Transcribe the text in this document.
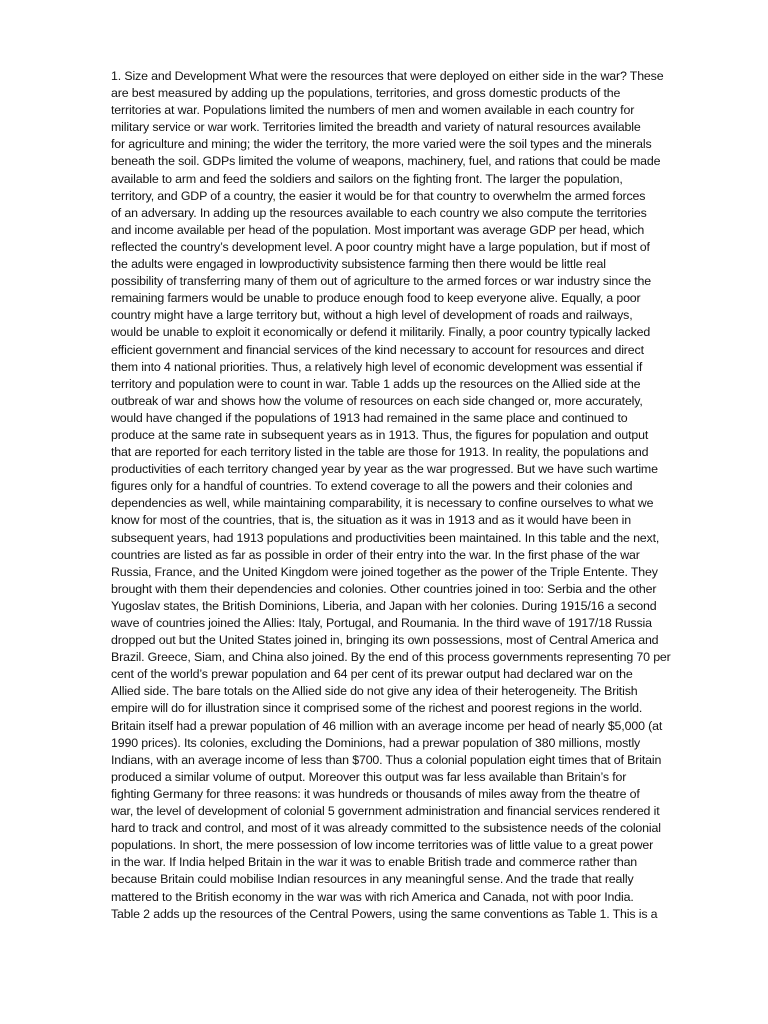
1. Size and Development What were the resources that were deployed on either side in the war? These
are best measured by adding up the populations, territories, and gross domestic products of the
territories at war. Populations limited the numbers of men and women available in each country for
military service or war work. Territories limited the breadth and variety of natural resources available
for agriculture and mining; the wider the territory, the more varied were the soil types and the minerals
beneath the soil. GDPs limited the volume of weapons, machinery, fuel, and rations that could be made
available to arm and feed the soldiers and sailors on the fighting front. The larger the population,
territory, and GDP of a country, the easier it would be for that country to overwhelm the armed forces
of an adversary. In adding up the resources available to each country we also compute the territories
and income available per head of the population. Most important was average GDP per head, which
reflected the country’s development level. A poor country might have a large population, but if most of
the adults were engaged in lowproductivity subsistence farming then there would be little real
possibility of transferring many of them out of agriculture to the armed forces or war industry since the
remaining farmers would be unable to produce enough food to keep everyone alive. Equally, a poor
country might have a large territory but, without a high level of development of roads and railways,
would be unable to exploit it economically or defend it militarily. Finally, a poor country typically lacked
efficient government and financial services of the kind necessary to account for resources and direct
them into 4 national priorities. Thus, a relatively high level of economic development was essential if
territory and population were to count in war. Table 1 adds up the resources on the Allied side at the
outbreak of war and shows how the volume of resources on each side changed or, more accurately,
would have changed if the populations of 1913 had remained in the same place and continued to
produce at the same rate in subsequent years as in 1913. Thus, the figures for population and output
that are reported for each territory listed in the table are those for 1913. In reality, the populations and
productivities of each territory changed year by year as the war progressed. But we have such wartime
figures only for a handful of countries. To extend coverage to all the powers and their colonies and
dependencies as well, while maintaining comparability, it is necessary to confine ourselves to what we
know for most of the countries, that is, the situation as it was in 1913 and as it would have been in
subsequent years, had 1913 populations and productivities been maintained. In this table and the next,
countries are listed as far as possible in order of their entry into the war. In the first phase of the war
Russia, France, and the United Kingdom were joined together as the power of the Triple Entente. They
brought with them their dependencies and colonies. Other countries joined in too: Serbia and the other
Yugoslav states, the British Dominions, Liberia, and Japan with her colonies. During 1915/16 a second
wave of countries joined the Allies: Italy, Portugal, and Roumania. In the third wave of 1917/18 Russia
dropped out but the United States joined in, bringing its own possessions, most of Central America and
Brazil. Greece, Siam, and China also joined. By the end of this process governments representing 70 per
cent of the world’s prewar population and 64 per cent of its prewar output had declared war on the
Allied side. The bare totals on the Allied side do not give any idea of their heterogeneity. The British
empire will do for illustration since it comprised some of the richest and poorest regions in the world.
Britain itself had a prewar population of 46 million with an average income per head of nearly $5,000 (at
1990 prices). Its colonies, excluding the Dominions, had a prewar population of 380 millions, mostly
Indians, with an average income of less than $700. Thus a colonial population eight times that of Britain
produced a similar volume of output. Moreover this output was far less available than Britain’s for
fighting Germany for three reasons: it was hundreds or thousands of miles away from the theatre of
war, the level of development of colonial 5 government administration and financial services rendered it
hard to track and control, and most of it was already committed to the subsistence needs of the colonial
populations. In short, the mere possession of low income territories was of little value to a great power
in the war. If India helped Britain in the war it was to enable British trade and commerce rather than
because Britain could mobilise Indian resources in any meaningful sense. And the trade that really
mattered to the British economy in the war was with rich America and Canada, not with poor India.
Table 2 adds up the resources of the Central Powers, using the same conventions as Table 1. This is a
